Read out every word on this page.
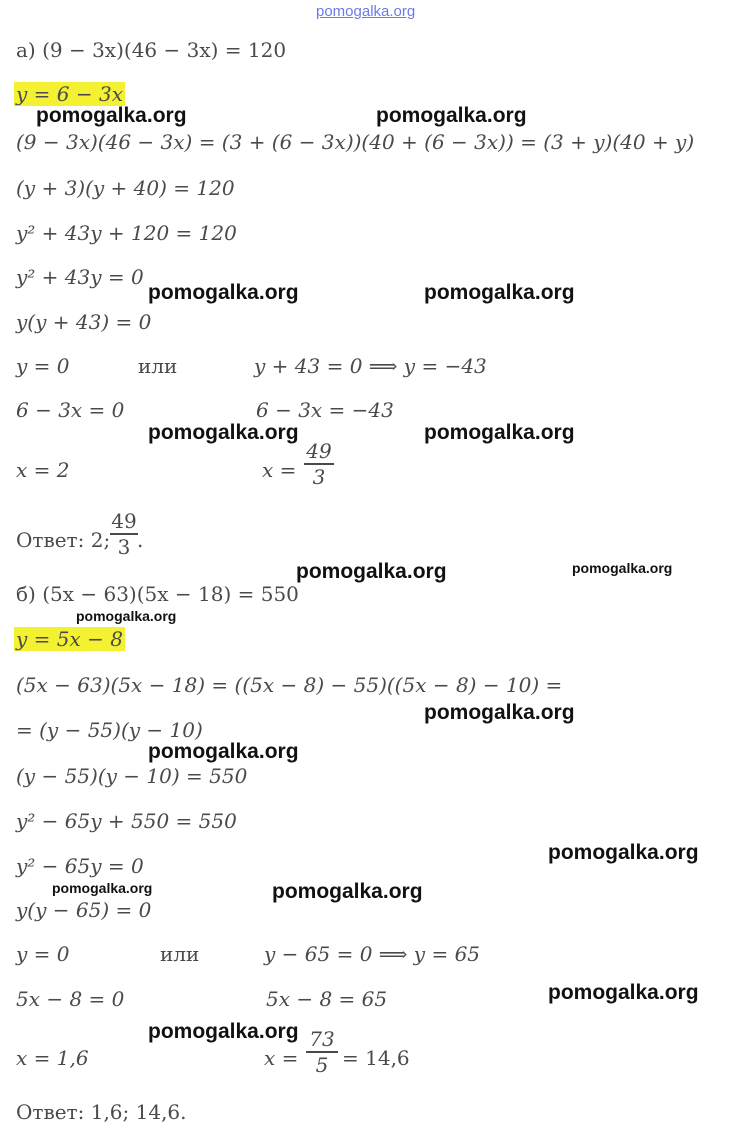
pomogalka.org
а) (9 − 3x)(46 − 3x) = 120
y = 6 − 3x
(9 − 3x)(46 − 3x) = (3 + (6 − 3x))(40 + (6 − 3x)) = (3 + y)(40 + y)
(y + 3)(y + 40) = 120
y² + 43y + 120 = 120
y² + 43y = 0
y(y + 43) = 0
y = 0	или	y + 43 = 0 ⟹ y = −43
6 − 3x = 0	6 − 3x = −43
x = 2	x =
49
3
Ответ: 2;
49
3 .
б) (5x − 63)(5x − 18) = 550
y = 5x − 8
(5x − 63)(5x − 18) = ((5x − 8) − 55)((5x − 8) − 10) =
= (y − 55)(y − 10)
(y − 55)(y − 10) = 550
y² − 65y + 550 = 550
y² − 65y = 0
y(y − 65) = 0
y = 0	или	y − 65 = 0 ⟹ y = 65
5x − 8 = 0	5x − 8 = 65
x = 1,6	x =
73
5 = 14,6
Ответ: 1,6; 14,6.
pomogalka.org	pomogalka.org
pomogalka.org	pomogalka.org
pomogalka.org	pomogalka.org
pomogalka.org	pomogalka.org
pomogalka.org
pomogalka.org
pomogalka.org
pomogalka.org
pomogalka.org	pomogalka.org
pomogalka.org
pomogalka.org
